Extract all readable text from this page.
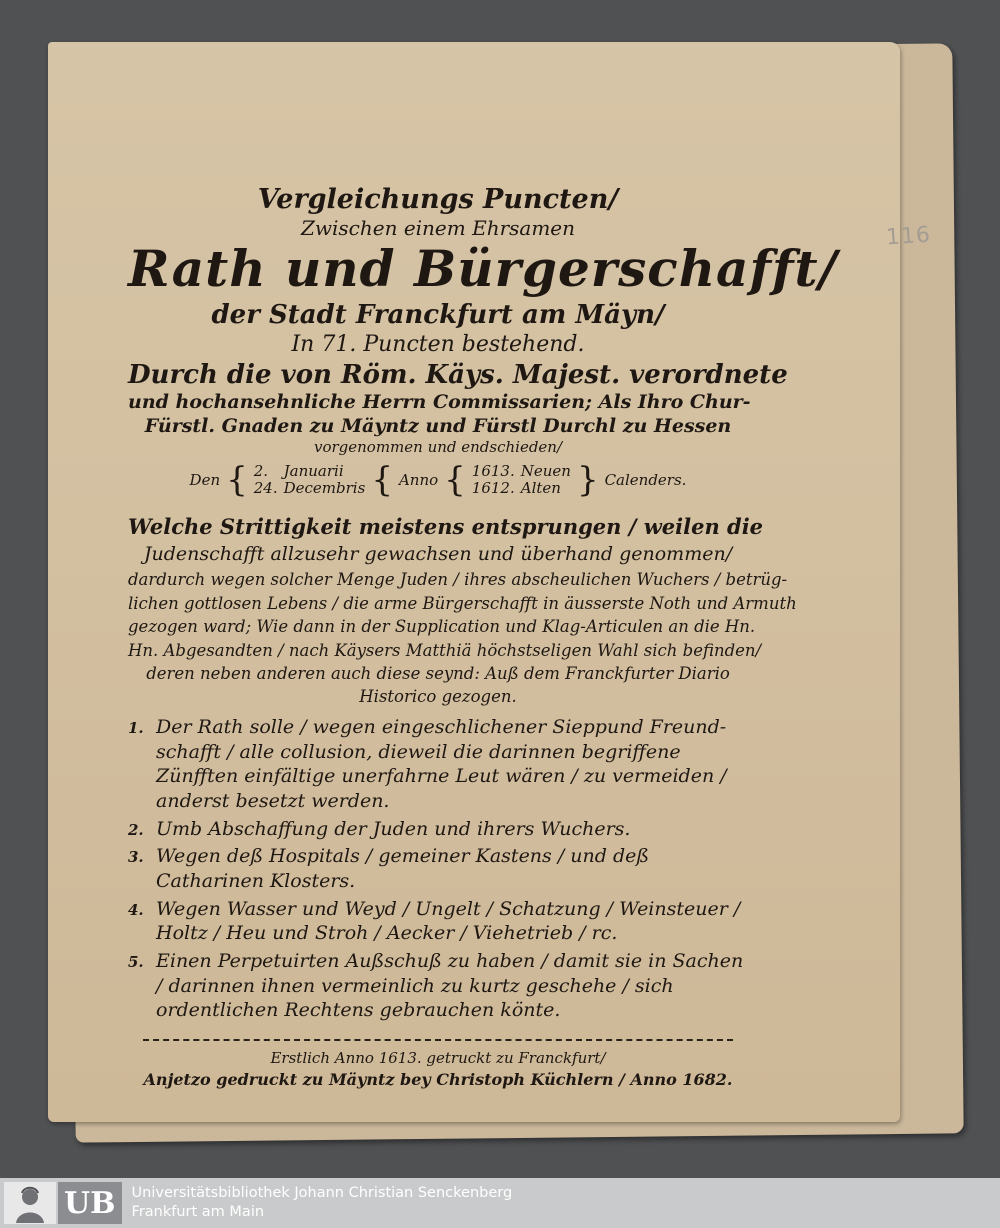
116

Vergleichungs Puncten/

Zwischen einem Ehrsamen

Rath und Bürgerschafft/

der Stadt Franckfurt am Mäyn/

In 71. Puncten bestehend.

Durch die von Röm. Käys. Majest. verordnete

und hochansehnliche Herrn Commissarien; Als Ihro Chur-

Fürstl. Gnaden zu Mäyntz und Fürstl Durchl zu Hessen

vorgenommen und endschieden/

Den { 2.
24.
Januarii
Decembris { Anno { 1613.
1612.
Neuen
Alten } Calenders.

Welche Strittigkeit meistens entsprungen / weilen die

Judenschafft allzusehr gewachsen und überhand genommen/

dardurch wegen solcher Menge Juden / ihres abscheulichen Wuchers / betrüg-

lichen gottlosen Lebens / die arme Bürgerschafft in äusserste Noth und Armuth

gezogen ward; Wie dann in der Supplication und Klag-Articulen an die Hn.

Hn. Abgesandten / nach Käysers Matthiä höchstseligen Wahl sich befinden/

deren neben anderen auch diese seynd: Auß dem Franckfurter Diario

Historico gezogen.

1. Der Rath solle / wegen eingeschlichener Sieppund Freund-schafft / alle collusion, dieweil die darinnen begriffene Zünfften einfältige unerfahrne Leut wären / zu vermeiden / anderst besetzt werden.
2. Umb Abschaffung der Juden und ihrers Wuchers.
3. Wegen deß Hospitals / gemeiner Kastens / und deß Catharinen Klosters.
4. Wegen Wasser und Weyd / Ungelt / Schatzung / Weinsteuer / Holtz / Heu und Stroh / Aecker / Viehetrieb / rc.
5. Einen Perpetuirten Außschuß zu haben / damit sie in Sachen / darinnen ihnen vermeinlich zu kurtz geschehe / sich ordentlichen Rechtens gebrauchen könte.

Erstlich Anno 1613. getruckt zu Franckfurt/

Anjetzo gedruckt zu Mäyntz bey Christoph Küchlern / Anno 1682.

UB	Universitätsbibliothek Johann Christian Senckenberg
Frankfurt am Main
